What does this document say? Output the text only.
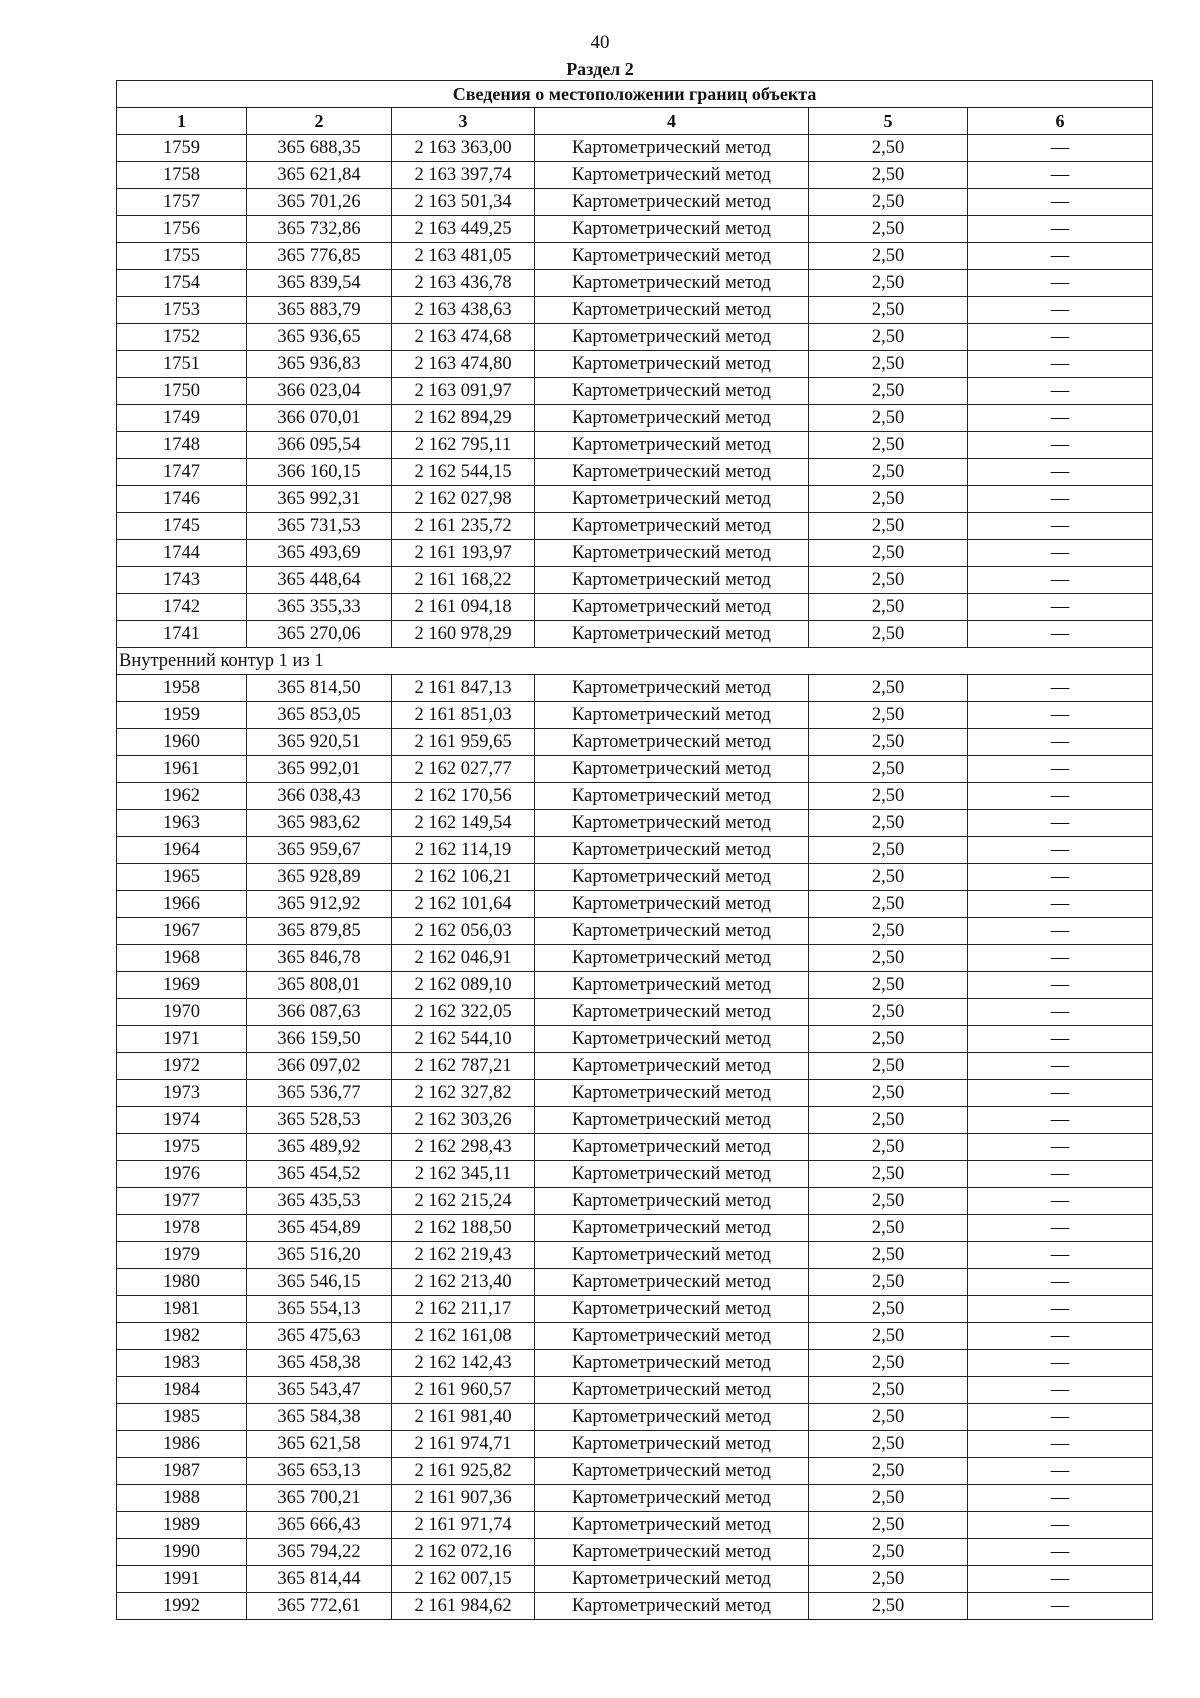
40
Раздел 2
Сведения о местоположении границ объекта					
1	2	3	4	5	6
1759	365 688,35	2 163 363,00	Картометрический метод	2,50	—
1758	365 621,84	2 163 397,74	Картометрический метод	2,50	—
1757	365 701,26	2 163 501,34	Картометрический метод	2,50	—
1756	365 732,86	2 163 449,25	Картометрический метод	2,50	—
1755	365 776,85	2 163 481,05	Картометрический метод	2,50	—
1754	365 839,54	2 163 436,78	Картометрический метод	2,50	—
1753	365 883,79	2 163 438,63	Картометрический метод	2,50	—
1752	365 936,65	2 163 474,68	Картометрический метод	2,50	—
1751	365 936,83	2 163 474,80	Картометрический метод	2,50	—
1750	366 023,04	2 163 091,97	Картометрический метод	2,50	—
1749	366 070,01	2 162 894,29	Картометрический метод	2,50	—
1748	366 095,54	2 162 795,11	Картометрический метод	2,50	—
1747	366 160,15	2 162 544,15	Картометрический метод	2,50	—
1746	365 992,31	2 162 027,98	Картометрический метод	2,50	—
1745	365 731,53	2 161 235,72	Картометрический метод	2,50	—
1744	365 493,69	2 161 193,97	Картометрический метод	2,50	—
1743	365 448,64	2 161 168,22	Картометрический метод	2,50	—
1742	365 355,33	2 161 094,18	Картометрический метод	2,50	—
1741	365 270,06	2 160 978,29	Картометрический метод	2,50	—
Внутренний контур 1 из 1					
1958	365 814,50	2 161 847,13	Картометрический метод	2,50	—
1959	365 853,05	2 161 851,03	Картометрический метод	2,50	—
1960	365 920,51	2 161 959,65	Картометрический метод	2,50	—
1961	365 992,01	2 162 027,77	Картометрический метод	2,50	—
1962	366 038,43	2 162 170,56	Картометрический метод	2,50	—
1963	365 983,62	2 162 149,54	Картометрический метод	2,50	—
1964	365 959,67	2 162 114,19	Картометрический метод	2,50	—
1965	365 928,89	2 162 106,21	Картометрический метод	2,50	—
1966	365 912,92	2 162 101,64	Картометрический метод	2,50	—
1967	365 879,85	2 162 056,03	Картометрический метод	2,50	—
1968	365 846,78	2 162 046,91	Картометрический метод	2,50	—
1969	365 808,01	2 162 089,10	Картометрический метод	2,50	—
1970	366 087,63	2 162 322,05	Картометрический метод	2,50	—
1971	366 159,50	2 162 544,10	Картометрический метод	2,50	—
1972	366 097,02	2 162 787,21	Картометрический метод	2,50	—
1973	365 536,77	2 162 327,82	Картометрический метод	2,50	—
1974	365 528,53	2 162 303,26	Картометрический метод	2,50	—
1975	365 489,92	2 162 298,43	Картометрический метод	2,50	—
1976	365 454,52	2 162 345,11	Картометрический метод	2,50	—
1977	365 435,53	2 162 215,24	Картометрический метод	2,50	—
1978	365 454,89	2 162 188,50	Картометрический метод	2,50	—
1979	365 516,20	2 162 219,43	Картометрический метод	2,50	—
1980	365 546,15	2 162 213,40	Картометрический метод	2,50	—
1981	365 554,13	2 162 211,17	Картометрический метод	2,50	—
1982	365 475,63	2 162 161,08	Картометрический метод	2,50	—
1983	365 458,38	2 162 142,43	Картометрический метод	2,50	—
1984	365 543,47	2 161 960,57	Картометрический метод	2,50	—
1985	365 584,38	2 161 981,40	Картометрический метод	2,50	—
1986	365 621,58	2 161 974,71	Картометрический метод	2,50	—
1987	365 653,13	2 161 925,82	Картометрический метод	2,50	—
1988	365 700,21	2 161 907,36	Картометрический метод	2,50	—
1989	365 666,43	2 161 971,74	Картометрический метод	2,50	—
1990	365 794,22	2 162 072,16	Картометрический метод	2,50	—
1991	365 814,44	2 162 007,15	Картометрический метод	2,50	—
1992	365 772,61	2 161 984,62	Картометрический метод	2,50	—
